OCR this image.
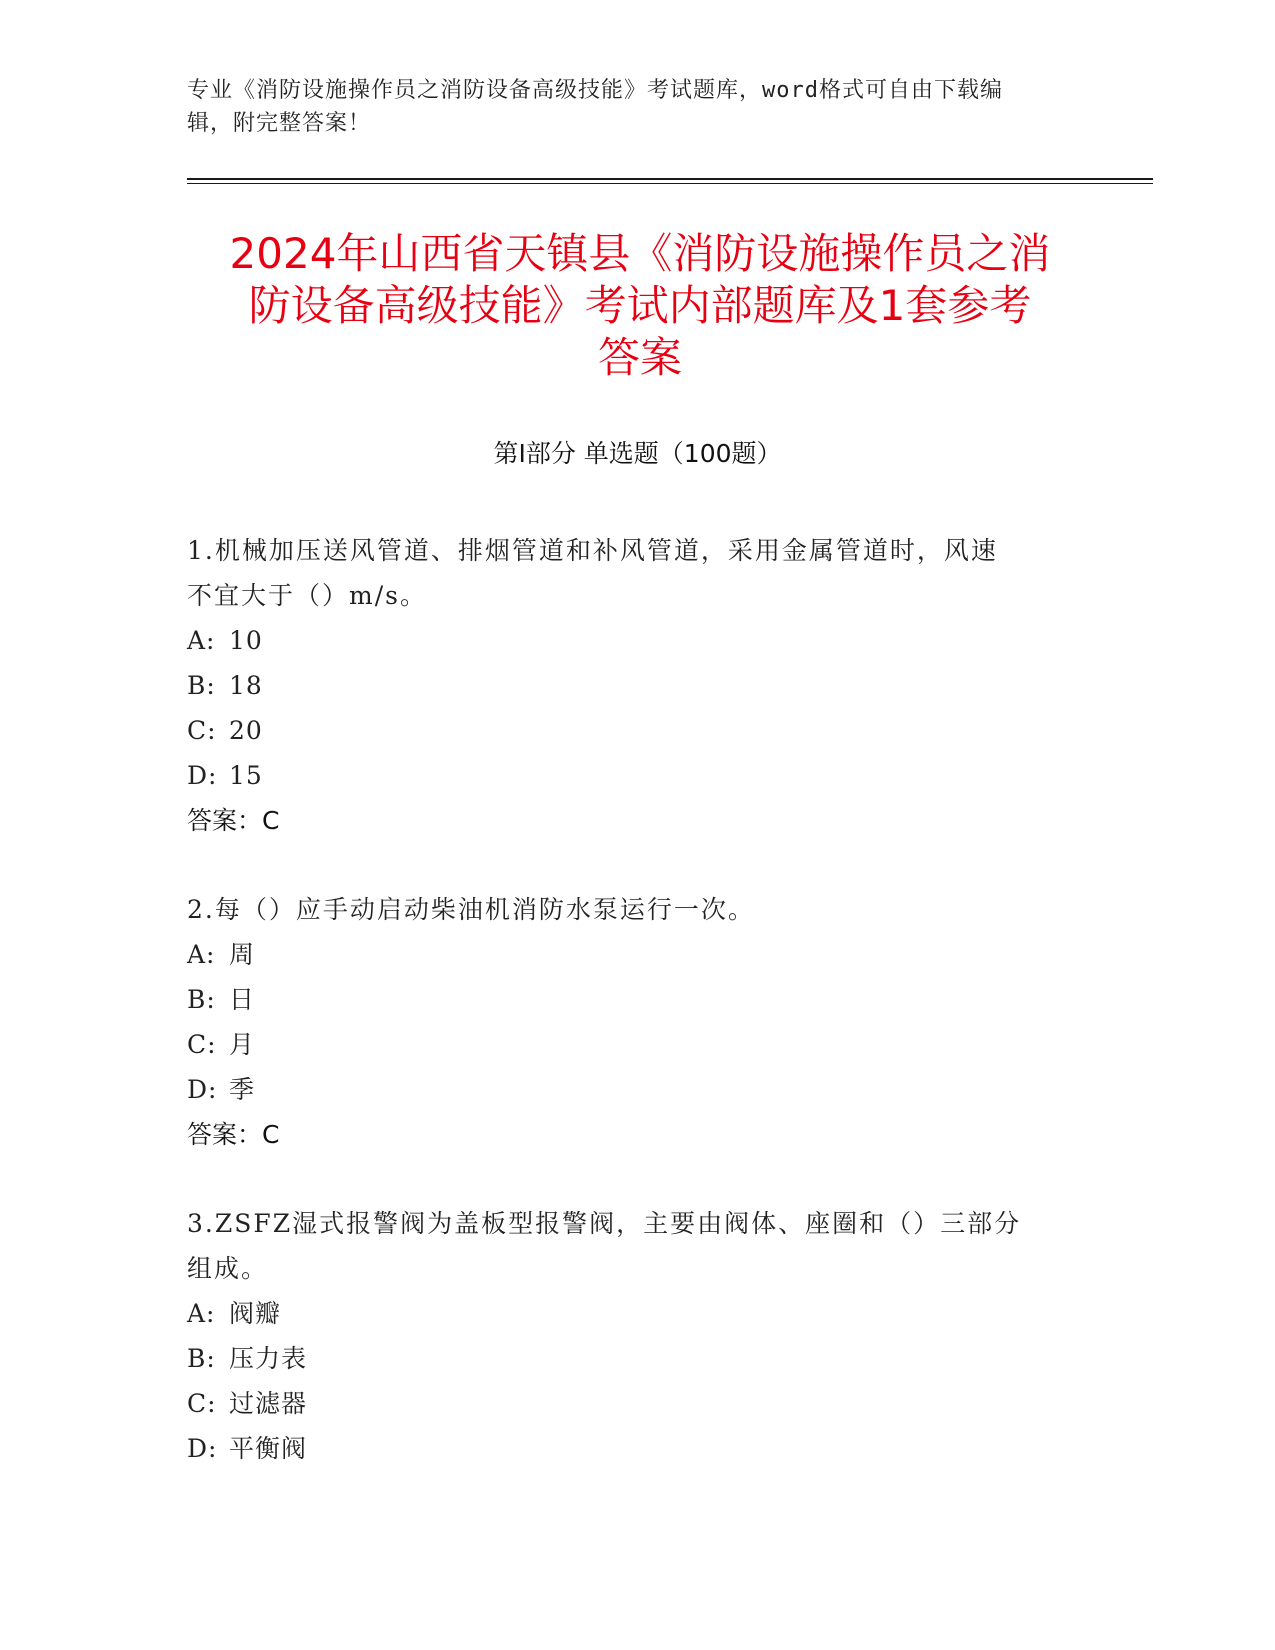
专业《消防设施操作员之消防设备高级技能》考试题库，word格式可自由下载编
辑，附完整答案！
2024年山西省天镇县《消防设施操作员之消
防设备高级技能》考试内部题库及1套参考
答案
第I部分 单选题（100题）
1.机械加压送风管道、排烟管道和补风管道，采用金属管道时，风速
不宜大于（）m/s。
A: 10
B: 18
C: 20
D: 15
答案：C
2.每（）应手动启动柴油机消防水泵运行一次。
A: 周
B: 日
C: 月
D: 季
答案：C
3.ZSFZ湿式报警阀为盖板型报警阀，主要由阀体、座圈和（）三部分
组成。
A: 阀瓣
B: 压力表
C: 过滤器
D: 平衡阀
